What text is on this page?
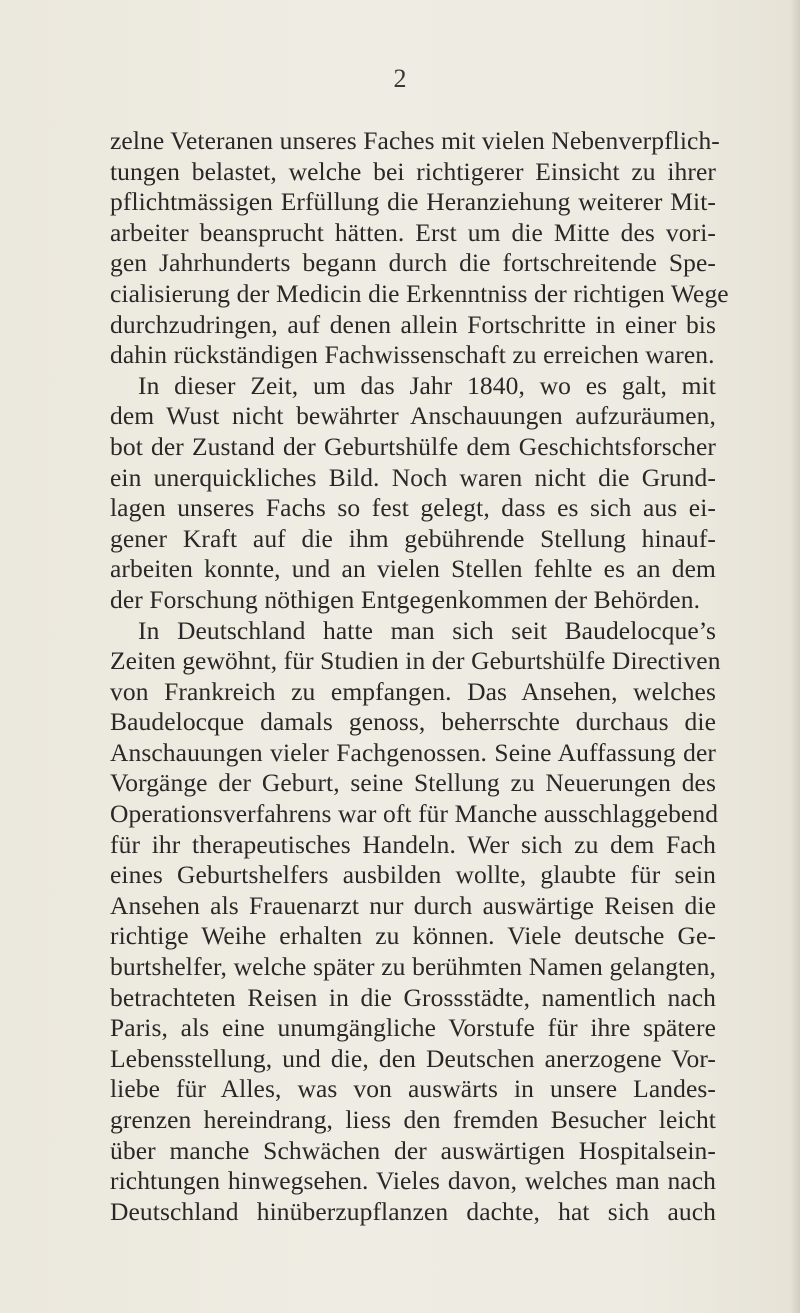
2
zelne Veteranen unseres Faches mit vielen Nebenverpflich-
tungen belastet, welche bei richtigerer Einsicht zu ihrer
pflichtmässigen Erfüllung die Heranziehung weiterer Mit-
arbeiter beansprucht hätten. Erst um die Mitte des vori-
gen Jahrhunderts begann durch die fortschreitende Spe-
cialisierung der Medicin die Erkenntniss der richtigen Wege
durchzudringen, auf denen allein Fortschritte in einer bis
dahin rückständigen Fachwissenschaft zu erreichen waren.
In dieser Zeit, um das Jahr 1840, wo es galt, mit
dem Wust nicht bewährter Anschauungen aufzuräumen,
bot der Zustand der Geburtshülfe dem Geschichtsforscher
ein unerquickliches Bild. Noch waren nicht die Grund-
lagen unseres Fachs so fest gelegt, dass es sich aus ei-
gener Kraft auf die ihm gebührende Stellung hinauf-
arbeiten konnte, und an vielen Stellen fehlte es an dem
der Forschung nöthigen Entgegenkommen der Behörden.
In Deutschland hatte man sich seit Baudelocque’s
Zeiten gewöhnt, für Studien in der Geburtshülfe Directiven
von Frankreich zu empfangen. Das Ansehen, welches
Baudelocque damals genoss, beherrschte durchaus die
Anschauungen vieler Fachgenossen. Seine Auffassung der
Vorgänge der Geburt, seine Stellung zu Neuerungen des
Operationsverfahrens war oft für Manche ausschlaggebend
für ihr therapeutisches Handeln. Wer sich zu dem Fach
eines Geburtshelfers ausbilden wollte, glaubte für sein
Ansehen als Frauenarzt nur durch auswärtige Reisen die
richtige Weihe erhalten zu können. Viele deutsche Ge-
burtshelfer, welche später zu berühmten Namen gelangten,
betrachteten Reisen in die Grossstädte, namentlich nach
Paris, als eine unumgängliche Vorstufe für ihre spätere
Lebensstellung, und die, den Deutschen anerzogene Vor-
liebe für Alles, was von auswärts in unsere Landes-
grenzen hereindrang, liess den fremden Besucher leicht
über manche Schwächen der auswärtigen Hospitalsein-
richtungen hinwegsehen. Vieles davon, welches man nach
Deutschland hinüberzupflanzen dachte, hat sich auch
